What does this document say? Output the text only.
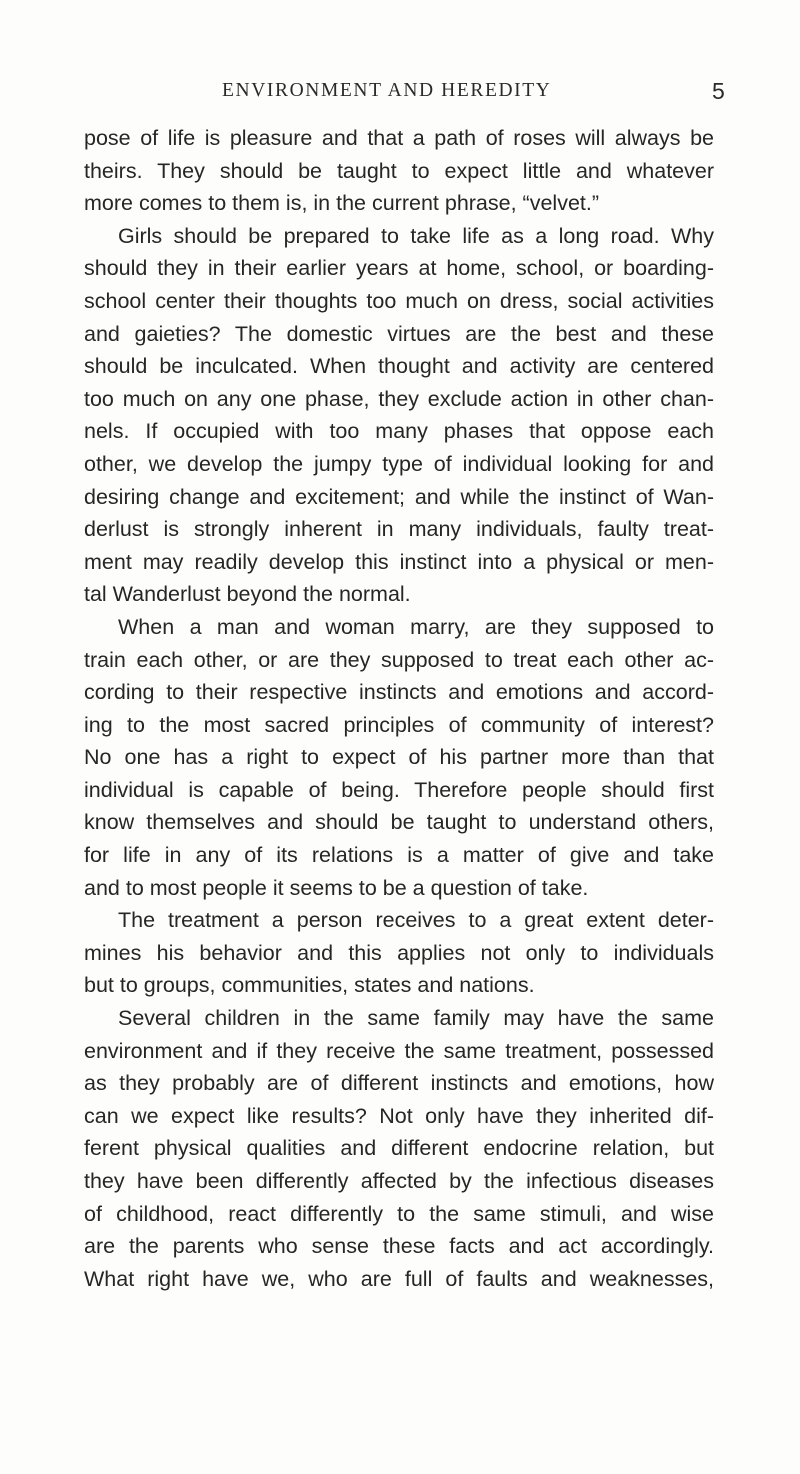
ENVIRONMENT AND HEREDITY	5
pose of life is pleasure and that a path of roses will always be
theirs. They should be taught to expect little and whatever
more comes to them is, in the current phrase, “velvet.”
Girls should be prepared to take life as a long road. Why
should they in their earlier years at home, school, or boarding-
school center their thoughts too much on dress, social activities
and gaieties? The domestic virtues are the best and these
should be inculcated. When thought and activity are centered
too much on any one phase, they exclude action in other chan-
nels. If occupied with too many phases that oppose each
other, we develop the jumpy type of individual looking for and
desiring change and excitement; and while the instinct of Wan-
derlust is strongly inherent in many individuals, faulty treat-
ment may readily develop this instinct into a physical or men-
tal Wanderlust beyond the normal.
When a man and woman marry, are they supposed to
train each other, or are they supposed to treat each other ac-
cording to their respective instincts and emotions and accord-
ing to the most sacred principles of community of interest?
No one has a right to expect of his partner more than that
individual is capable of being. Therefore people should first
know themselves and should be taught to understand others,
for life in any of its relations is a matter of give and take
and to most people it seems to be a question of take.
The treatment a person receives to a great extent deter-
mines his behavior and this applies not only to individuals
but to groups, communities, states and nations.
Several children in the same family may have the same
environment and if they receive the same treatment, possessed
as they probably are of different instincts and emotions, how
can we expect like results? Not only have they inherited dif-
ferent physical qualities and different endocrine relation, but
they have been differently affected by the infectious diseases
of childhood, react differently to the same stimuli, and wise
are the parents who sense these facts and act accordingly.
What right have we, who are full of faults and weaknesses,
